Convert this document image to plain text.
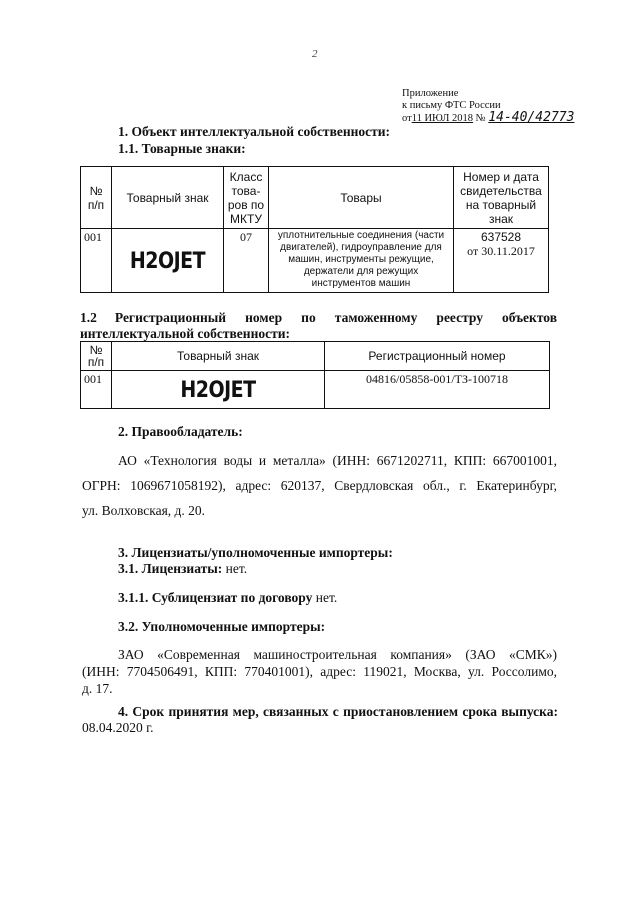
2
Приложение
к письму ФТС России
от11 ИЮЛ 2018 № 14-40/42773
1. Объект интеллектуальной собственности:
1.1. Товарные знаки:
№ п/п	Товарный знак	Класс това-ров по МКТУ	Товары	Номер и дата свидетельства на товарный знак
001	H2OJET	07	уплотнительные соединения (части двигателей), гидроуправление для машин, инструменты режущие, держатели для режущих инструментов машин	637528
от 30.11.2017
1.2 Регистрационный номер по таможенному реестру объектов
интеллектуальной собственности:
№ п/п	Товарный знак	Регистрационный номер
001	H2OJET	04816/05858-001/ТЗ-100718
2. Правообладатель:
АО «Технология воды и металла» (ИНН: 6671202711, КПП: 667001001,
ОГРН: 1069671058192), адрес: 620137, Свердловская обл., г. Екатеринбург,
ул. Волховская, д. 20.
3. Лицензиаты/уполномоченные импортеры:
3.1. Лицензиаты: нет.
3.1.1. Сублицензиат по договору нет.
3.2. Уполномоченные импортеры:
ЗАО «Современная машиностроительная компания» (ЗАО «СМК»)
(ИНН: 7704506491, КПП: 770401001), адрес: 119021, Москва, ул. Россолимо,
д. 17.
4. Срок принятия мер, связанных с приостановлением срока выпуска:
08.04.2020 г.
